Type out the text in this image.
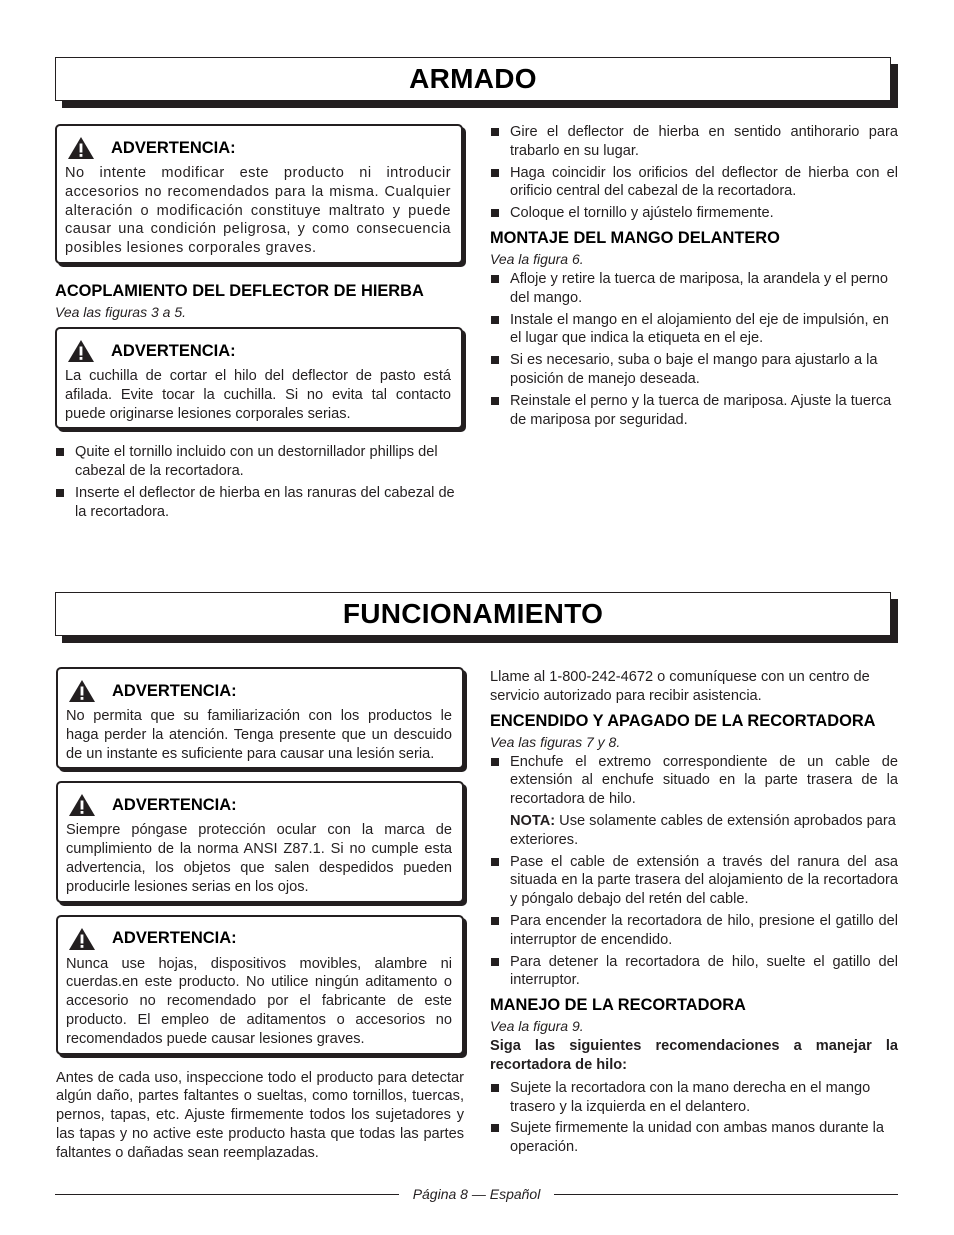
ARMADO
ADVERTENCIA:
No intente modificar este producto ni introducir accesorios no recomendados para la misma. Cualquier alteración o modificación constituye maltrato y puede causar una condición peligrosa, y como consecuencia posibles lesiones corporales graves.
ACOPLAMIENTO DEL DEFLECTOR DE HIERBA
Vea las figuras 3 a 5.
ADVERTENCIA:
La cuchilla de cortar el hilo del deflector de pasto está afilada. Evite tocar la cuchilla. Si no evita tal contacto puede originarse lesiones corporales serias.
Quite el tornillo incluido con un destornillador phillips del cabezal de la recortadora.
Inserte el deflector de hierba en las ranuras del cabezal de la recortadora.
Gire el deflector de hierba en sentido antihorario para trabarlo en su lugar.
Haga coincidir los orificios del deflector de hierba con el orificio central del cabezal de la recortadora.
Coloque el tornillo y ajústelo firmemente.
MONTAJE DEL MANGO DELANTERO
Vea la figura 6.
Afloje y retire la tuerca de mariposa, la arandela y el perno del mango.
Instale el mango en el alojamiento del eje de impulsión, en el lugar que indica la etiqueta en el eje.
Si es necesario, suba o baje el mango para ajustarlo a la posición de manejo deseada.
Reinstale el perno y la tuerca de mariposa. Ajuste la tuerca de mariposa por seguridad.
FUNCIONAMIENTO
ADVERTENCIA:
No permita que su familiarización con los productos le haga perder la atención. Tenga presente que un descuido de un instante es suficiente para causar una lesión seria.
ADVERTENCIA:
Siempre póngase protección ocular con la marca de cumplimiento de la norma ANSI Z87.1. Si no cumple esta advertencia, los objetos que salen despedidos pueden producirle lesiones serias en los ojos.
ADVERTENCIA:
Nunca use hojas, dispositivos movibles, alambre ni cuerdas.en este producto. No utilice ningún aditamento o accesorio no recomendado por el fabricante de este producto. El empleo de aditamentos o accesorios no recomendados puede causar lesiones graves.
Antes de cada uso, inspeccione todo el producto para detectar algún daño, partes faltantes o sueltas, como tornillos, tuercas, pernos, tapas, etc. Ajuste firmemente todos los sujetadores y las tapas y no active este producto hasta que todas las partes faltantes o dañadas sean reemplazadas.
Llame al 1-800-242-4672 o comuníquese con un centro de servicio autorizado para recibir asistencia.
ENCENDIDO Y APAGADO DE LA RECORTADORA
Vea las figuras 7 y 8.
Enchufe el extremo correspondiente de un cable de extensión al enchufe situado en la parte trasera de la recortadora de hilo.
NOTA: Use solamente cables de extensión aprobados para exteriores.
Pase el cable de extensión a través del ranura del asa situada en la parte trasera del alojamiento de la recortadora y póngalo debajo del retén del cable.
Para encender la recortadora de hilo, presione el gatillo del interruptor de encendido.
Para detener la recortadora de hilo, suelte el gatillo del interruptor.
MANEJO DE LA RECORTADORA
Vea la figura 9.
Siga las siguientes recomendaciones a manejar la recortadora de hilo:
Sujete la recortadora con la mano derecha en el mango trasero y la izquierda en el delantero.
Sujete firmemente la unidad con ambas manos durante la operación.
Página 8 — Español
